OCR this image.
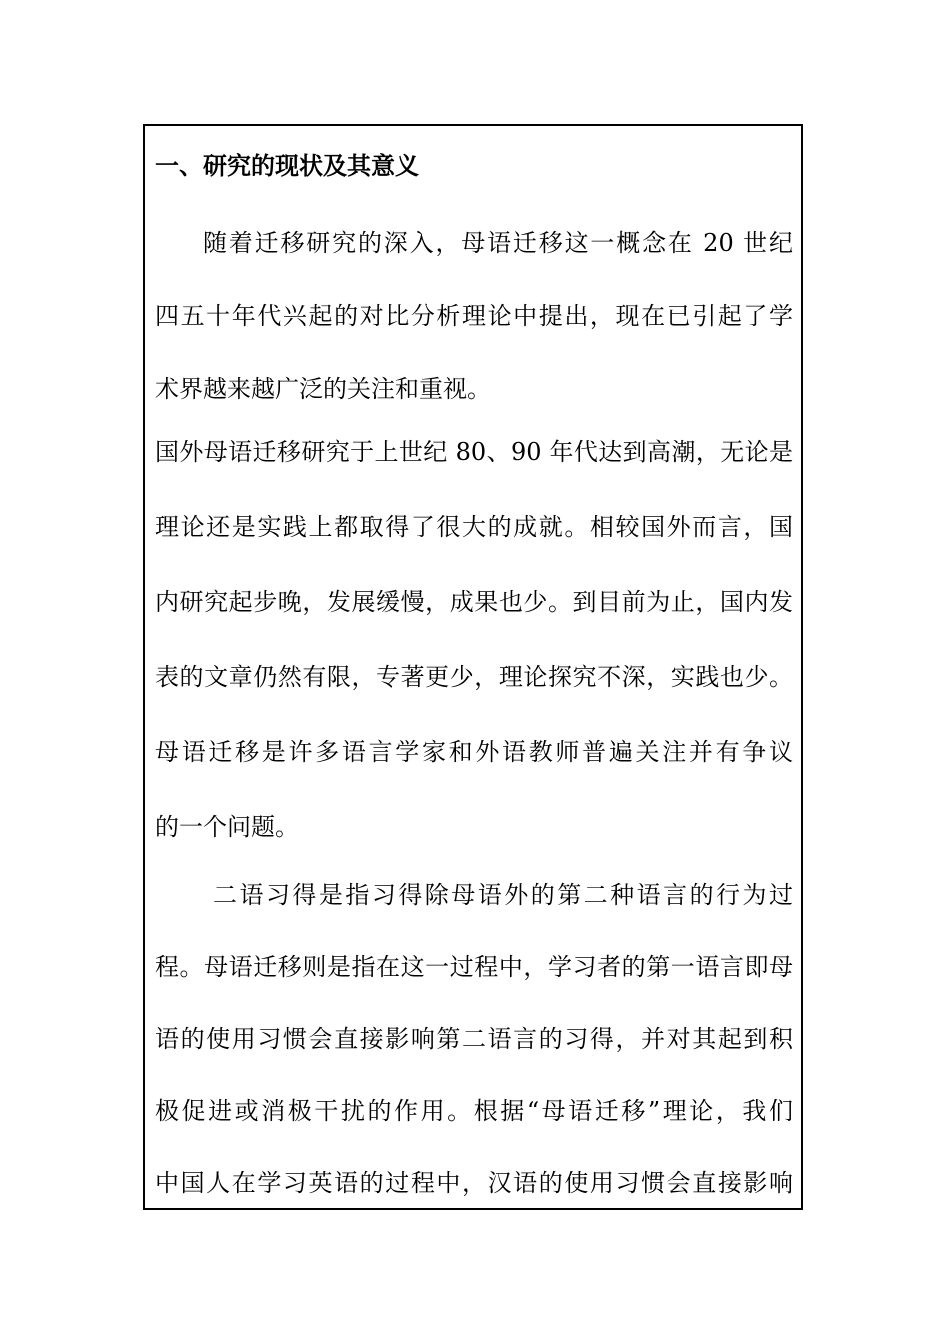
一、研究的现状及其意义
随着迁移研究的深入，母语迁移这一概念在 20 世纪
四五十年代兴起的对比分析理论中提出，现在已引起了学
术界越来越广泛的关注和重视。
国外母语迁移研究于上世纪 80、90 年代达到高潮，无论是
理论还是实践上都取得了很大的成就。相较国外而言，国
内研究起步晚，发展缓慢，成果也少。到目前为止，国内发
表的文章仍然有限，专著更少，理论探究不深，实践也少。
母语迁移是许多语言学家和外语教师普遍关注并有争议
的一个问题。
二语习得是指习得除母语外的第二种语言的行为过
程。母语迁移则是指在这一过程中，学习者的第一语言即母
语的使用习惯会直接影响第二语言的习得，并对其起到积
极促进或消极干扰的作用。根据“母语迁移”理论，我们
中国人在学习英语的过程中，汉语的使用习惯会直接影响
